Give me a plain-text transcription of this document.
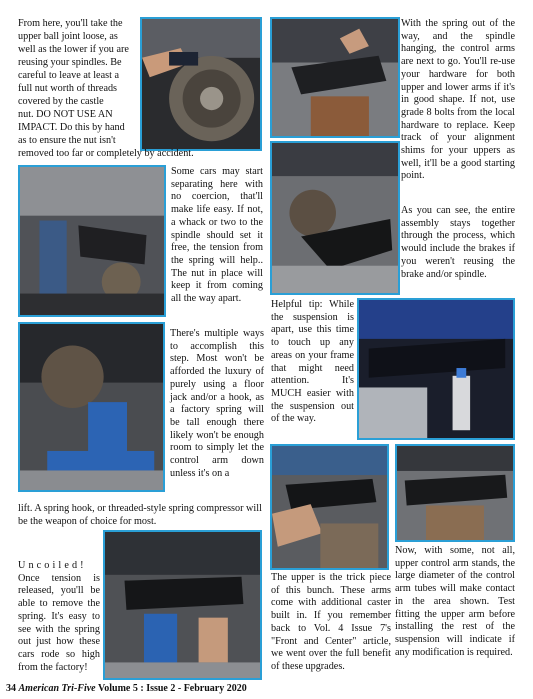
From here, you'll take the

upper ball joint loose, as

well as the lower if you are

reusing your spindles. Be

careful to leave at least a

full nut worth of threads

covered by the castle

nut. DO NOT USE AN

IMPACT. Do this by hand

as to ensure the nut isn't

removed too far or completely by accident.

Some cars may start separating here with no coercion, that'll make life easy. If not, a whack or two to the spindle should set it free, the tension from the spring will help.. The nut in place will keep it from coming all the way apart.

There's multiple ways to accomplish this step. Most won't be afforded the luxury of purely using a floor jack and/or a hook, as a factory spring will be tall enough there likely won't be enough room to simply let the control arm down unless it's on a

lift. A spring hook, or threaded-style spring compressor will be the weapon of choice for most.

Uncoiled!

Once tension is released, you'll be able to remove the spring. It's easy to see with the spring out just how these cars rode so high from the factory!

With the spring out of the way, and the spindle hanging, the control arms are next to go. You'll re-use your hardware for both upper and lower arms if it's in good shape. If not, use grade 8 bolts from the local hardware to replace. Keep track of your alignment shims for your uppers as well, it'll be a good starting point.

As you can see, the entire assembly stays together through the process, which would include the brakes if you weren't reusing the brake and/or spindle.

Helpful tip: While the suspension is apart, use this time to touch up any areas on your frame that might need attention. It's MUCH easier with the suspension out of the way.

The upper is the trick piece of this bunch. These arms come with additional caster built in. If you remember back to Vol. 4 Issue 7's "Front and Center" article, we went over the full benefit of these upgrades.

Now, with some, not all, upper control arm stands, the large diameter of the control arm tubes will make contact in the area shown. Test fitting the upper arm before installing the rest of the suspension will indicate if any modification is required.

34 American Tri-Five Volume 5 : Issue 2 - February 2020
